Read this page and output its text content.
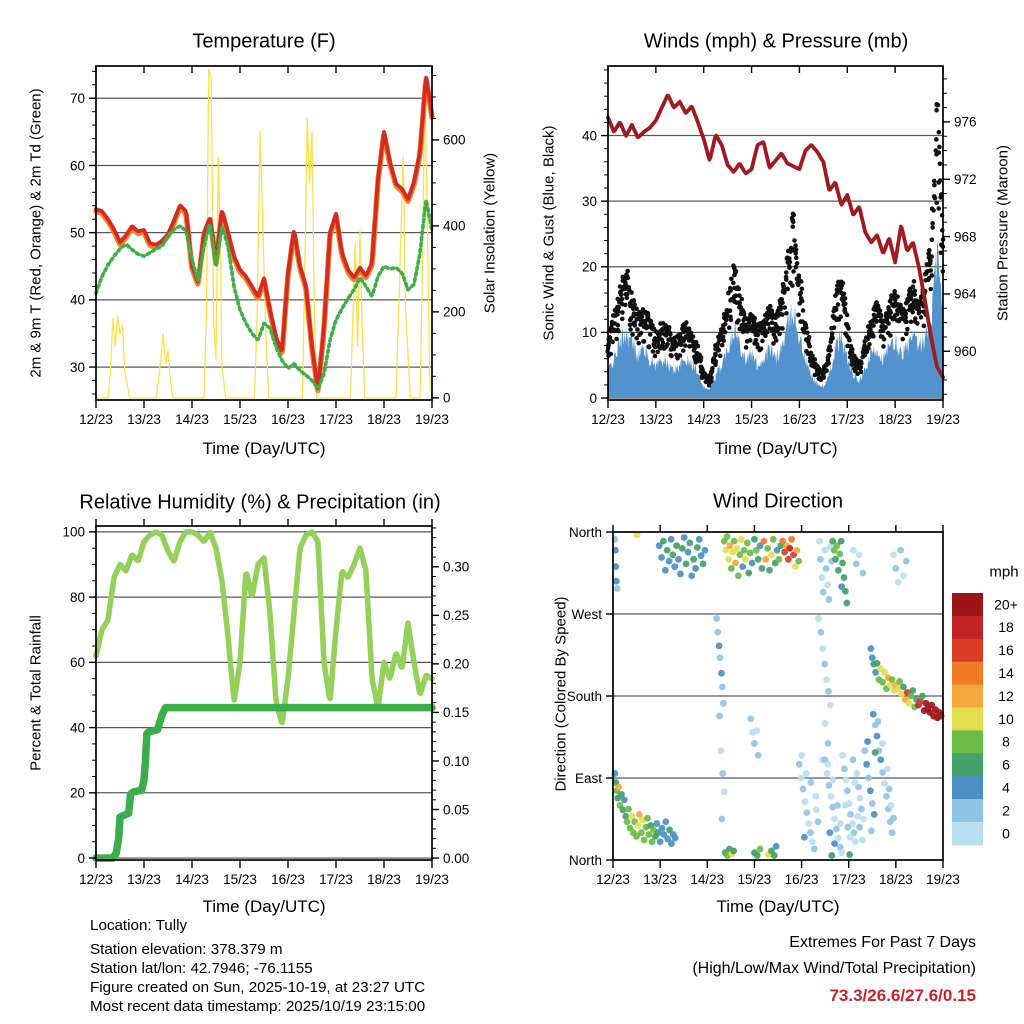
30
40
50
60
70
0
200
400
600
12/23 13/23 14/23 15/23 16/23 17/23 18/23 19/23
0
10
20
30
40
960
964
968
972
976
12/23 13/23 14/23 15/23 16/23 17/23 18/23 19/23
0
20
40
60
80
100
0.00
0.05
0.10
0.15
0.20
0.25
0.30
12/23 13/23 14/23 15/23 16/23 17/23 18/23 19/23
North
West
South
East
North
12/23 13/23 14/23 15/23 16/23 17/23 18/23 19/23
20+
18
16
14
12
10
8
6
4
2
0
Temperature (F)	Winds (mph) & Pressure (mb)
Relative Humidity (%) & Precipitation (in)	Wind Direction
2m & 9m T (Red, Orange) & 2m Td (Green)	Solar Insolation (Yellow)	Sonic Wind & Gust (Blue, Black)	Station Pressure (Maroon)
Percent & Total Rainfall	Direction (Colored By Speed)
Time (Day/UTC)	Time (Day/UTC)
Time (Day/UTC)	Time (Day/UTC)
mph
Extremes For Past 7 Days
(High/Low/Max Wind/Total Precipitation)
73.3/26.6/27.6/0.15
Location: Tully
Station elevation: 378.379 m
Station lat/lon: 42.7946; -76.1155
Figure created on Sun, 2025-10-19, at 23:27 UTC
Most recent data timestamp: 2025/10/19 23:15:00
